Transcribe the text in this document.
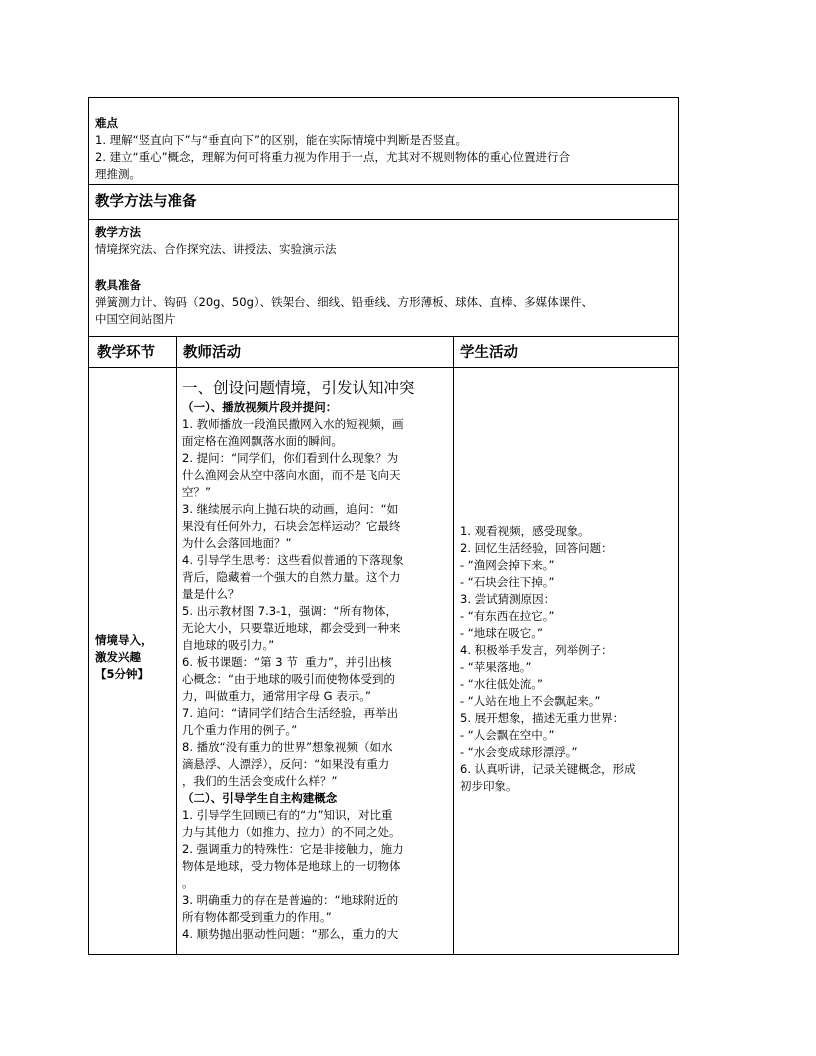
难点
1. 理解“竖直向下”与“垂直向下”的区别，能在实际情境中判断是否竖直。
2. 建立“重心”概念，理解为何可将重力视为作用于一点，尤其对不规则物体的重心位置进行合
理推测。
教学方法与准备
教学方法
情境探究法、合作探究法、讲授法、实验演示法
教具准备
弹簧测力计、钩码（20g、50g）、铁架台、细线、铅垂线、方形薄板、球体、直棒、多媒体课件、
中国空间站图片
教学环节 教师活动	学生活动
情境导入，
激发兴趣
【5分钟】
一、创设问题情境，引发认知冲突
（一）、播放视频片段并提问：
1. 教师播放一段渔民撒网入水的短视频，画
面定格在渔网飘落水面的瞬间。
2. 提问：“同学们，你们看到什么现象？为
什么渔网会从空中落向水面，而不是飞向天
空？”
3. 继续展示向上抛石块的动画，追问：“如
果没有任何外力，石块会怎样运动？它最终
为什么会落回地面？”
4. 引导学生思考：这些看似普通的下落现象
背后，隐藏着一个强大的自然力量。这个力
量是什么？
5. 出示教材图 7.3-1，强调：“所有物体，
无论大小，只要靠近地球，都会受到一种来
自地球的吸引力。”
6. 板书课题：“第 3 节  重力”，并引出核
心概念：“由于地球的吸引而使物体受到的
力，叫做重力，通常用字母 G 表示。”
7. 追问：“请同学们结合生活经验，再举出
几个重力作用的例子。”
8. 播放“没有重力的世界”想象视频（如水
滴悬浮、人漂浮），反问：“如果没有重力
，我们的生活会变成什么样？”
（二）、引导学生自主构建概念
1. 引导学生回顾已有的“力”知识，对比重
力与其他力（如推力、拉力）的不同之处。
2. 强调重力的特殊性：它是非接触力，施力
物体是地球，受力物体是地球上的一切物体
。
3. 明确重力的存在是普遍的：“地球附近的
所有物体都受到重力的作用。”
4. 顺势抛出驱动性问题：“那么，重力的大
1. 观看视频，感受现象。
2. 回忆生活经验，回答问题：
- “渔网会掉下来。”
- “石块会往下掉。”
3. 尝试猜测原因：
- “有东西在拉它。”
- “地球在吸它。”
4. 积极举手发言，列举例子：
- “苹果落地。”
- “水往低处流。”
- “人站在地上不会飘起来。”
5. 展开想象，描述无重力世界：
- “人会飘在空中。”
- “水会变成球形漂浮。”
6. 认真听讲，记录关键概念，形成
初步印象。
